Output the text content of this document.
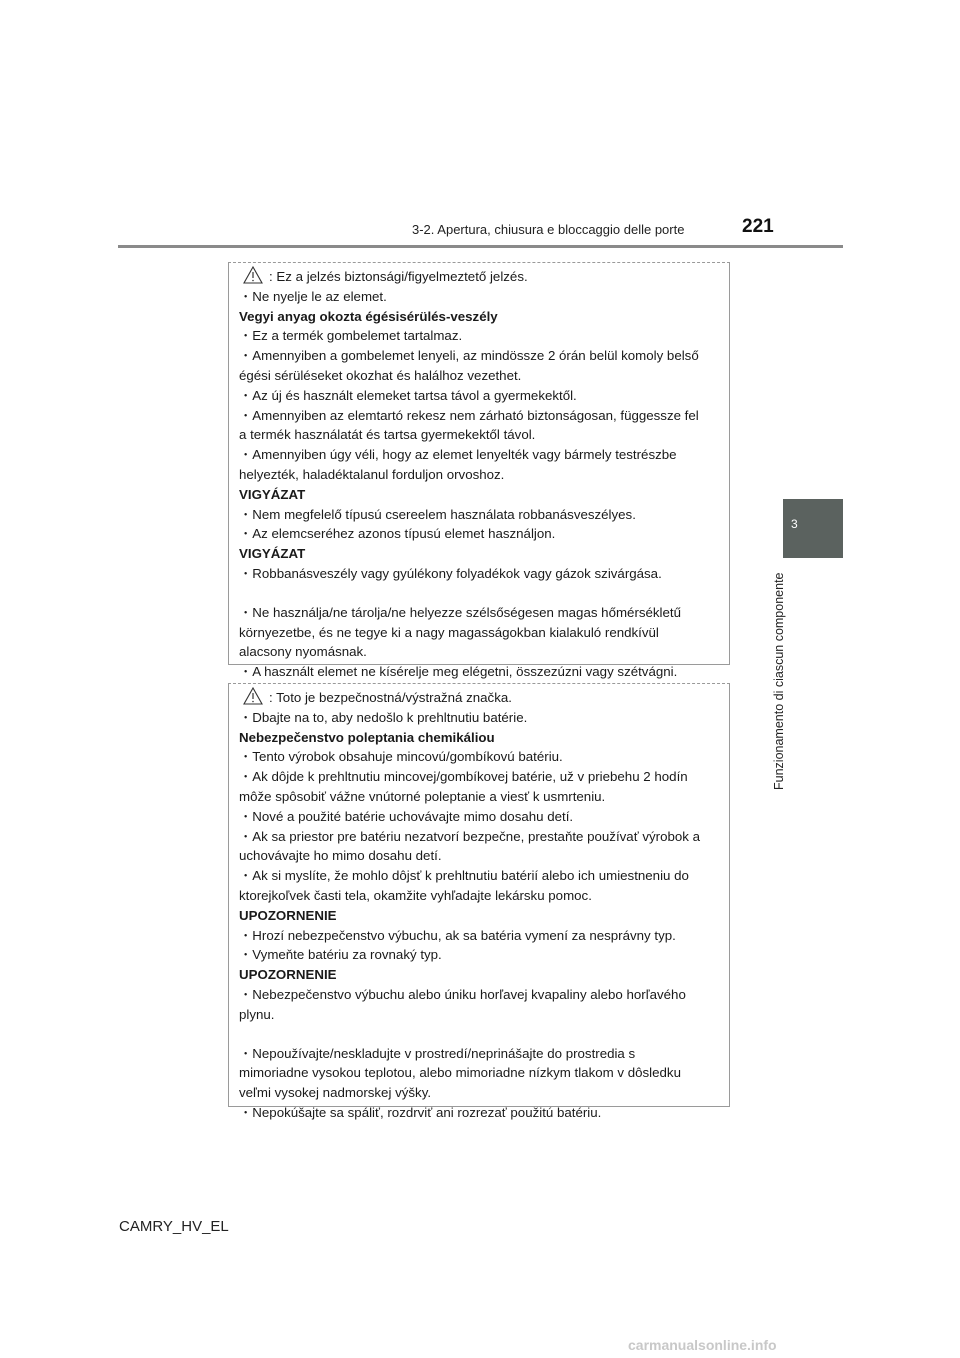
3-2. Apertura, chiusura e bloccaggio delle porte	221
3
Funzionamento di ciascun componente
: Ez a jelzés biztonsági/figyelmeztető jelzés.
・Ne nyelje le az elemet.
Vegyi anyag okozta égésisérülés-veszély
・Ez a termék gombelemet tartalmaz.
・Amennyiben a gombelemet lenyeli, az mindössze 2 órán belül komoly belső
égési sérüléseket okozhat és halálhoz vezethet.
・Az új és használt elemeket tartsa távol a gyermekektől.
・Amennyiben az elemtartó rekesz nem zárható biztonságosan, függessze fel
a termék használatát és tartsa gyermekektől távol.
・Amennyiben úgy véli, hogy az elemet lenyelték vagy bármely testrészbe
helyezték, haladéktalanul forduljon orvoshoz.
VIGYÁZAT
・Nem megfelelő típusú csereelem használata robbanásveszélyes.
・Az elemcseréhez azonos típusú elemet használjon.
VIGYÁZAT
・Robbanásveszély vagy gyúlékony folyadékok vagy gázok szivárgása.
・Ne használja/ne tárolja/ne helyezze szélsőségesen magas hőmérsékletű
környezetbe, és ne tegye ki a nagy magasságokban kialakuló rendkívül
alacsony nyomásnak.
・A használt elemet ne kísérelje meg elégetni, összezúzni vagy szétvágni.
: Toto je bezpečnostná/výstražná značka.
・Dbajte na to, aby nedošlo k prehltnutiu batérie.
Nebezpečenstvo poleptania chemikáliou
・Tento výrobok obsahuje mincovú/gombíkovú batériu.
・Ak dôjde k prehltnutiu mincovej/gombíkovej batérie, už v priebehu 2 hodín
môže spôsobiť vážne vnútorné poleptanie a viesť k usmrteniu.
・Nové a použité batérie uchovávajte mimo dosahu detí.
・Ak sa priestor pre batériu nezatvorí bezpečne, prestaňte používať výrobok a
uchovávajte ho mimo dosahu detí.
・Ak si myslíte, že mohlo dôjsť k prehltnutiu batérií alebo ich umiestneniu do
ktorejkoľvek časti tela, okamžite vyhľadajte lekársku pomoc.
UPOZORNENIE
・Hrozí nebezpečenstvo výbuchu, ak sa batéria vymení za nesprávny typ.
・Vymeňte batériu za rovnaký typ.
UPOZORNENIE
・Nebezpečenstvo výbuchu alebo úniku horľavej kvapaliny alebo horľavého
plynu.
・Nepoužívajte/neskladujte v prostredí/neprinášajte do prostredia s
mimoriadne vysokou teplotou, alebo mimoriadne nízkym tlakom v dôsledku
veľmi vysokej nadmorskej výšky.
・Nepokúšajte sa spáliť, rozdrviť ani rozrezať použitú batériu.
CAMRY_HV_EL
carmanualsonline.info
